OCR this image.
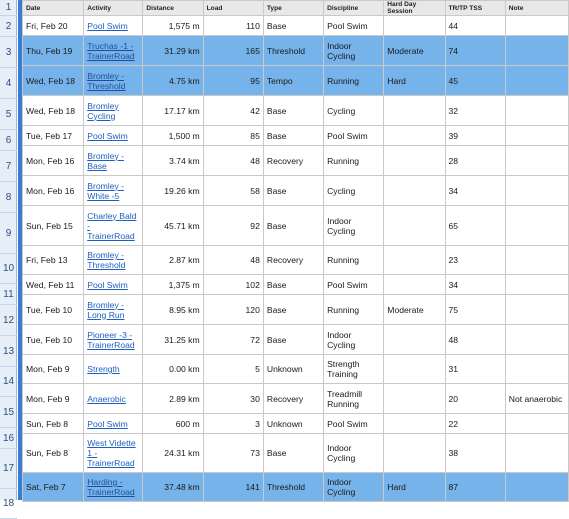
1
2
3
4
5
6
7
8
9
10
11
12
13
14
15
16
17
18
Date	Activity	Distance	Load	Type	Discipline	Hard Day Session	TR/TP TSS	Note
Fri, Feb 20	Pool Swim	1,575 m	110	Base	Pool Swim		44	
Thu, Feb 19	Truchas -1 - TrainerRoad	31.29 km	165	Threshold	Indoor Cycling	Moderate	74	
Wed, Feb 18	Bromley - Threshold	4.75 km	95	Tempo	Running	Hard	45	
Wed, Feb 18	Bromley Cycling	17.17 km	42	Base	Cycling		32	
Tue, Feb 17	Pool Swim	1,500 m	85	Base	Pool Swim		39	
Mon, Feb 16	Bromley - Base	3.74 km	48	Recovery	Running		28	
Mon, Feb 16	Bromley - White -5	19.26 km	58	Base	Cycling		34	
Sun, Feb 15	Charley Bald - TrainerRoad	45.71 km	92	Base	Indoor Cycling		65	
Fri, Feb 13	Bromley - Threshold	2.87 km	48	Recovery	Running		23	
Wed, Feb 11	Pool Swim	1,375 m	102	Base	Pool Swim		34	
Tue, Feb 10	Bromley - Long Run	8.95 km	120	Base	Running	Moderate	75	
Tue, Feb 10	Pioneer -3 - TrainerRoad	31.25 km	72	Base	Indoor Cycling		48	
Mon, Feb 9	Strength	0.00 km	5	Unknown	Strength Training		31	
Mon, Feb 9	Anaerobic	2.89 km	30	Recovery	Treadmill Running		20	Not anaerobic
Sun, Feb 8	Pool Swim	600 m	3	Unknown	Pool Swim		22	
Sun, Feb 8	West Vidette 1 - TrainerRoad	24.31 km	73	Base	Indoor Cycling		38	
Sat, Feb 7	Harding - TrainerRoad	37.48 km	141	Threshold	Indoor Cycling	Hard	87	
